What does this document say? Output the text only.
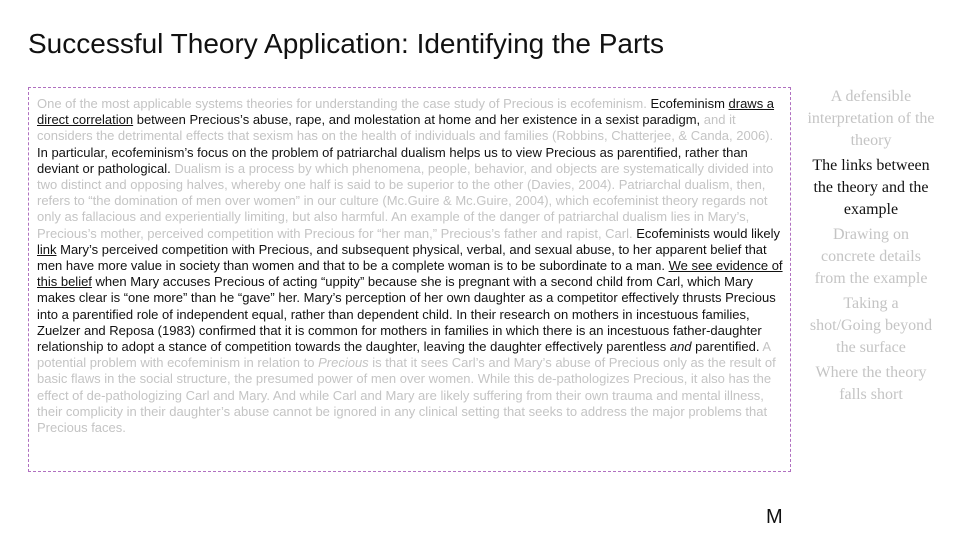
Successful Theory Application: Identifying the Parts

One of the most applicable systems theories for understanding the case study of Precious is ecofeminism. Ecofeminism draws a direct correlation between Precious’s abuse, rape, and molestation at home and her existence in a sexist paradigm, and it considers the detrimental effects that sexism has on the health of individuals and families (Robbins, Chatterjee, & Canda, 2006). In particular, ecofeminism’s focus on the problem of patriarchal dualism helps us to view Precious as parentified, rather than deviant or pathological. Dualism is a process by which phenomena, people, behavior, and objects are systematically divided into two distinct and opposing halves, whereby one half is said to be superior to the other (Davies, 2004). Patriarchal dualism, then, refers to “the domination of men over women” in our culture (Mc.Guire & Mc.Guire, 2004), which ecofeminist theory regards not only as fallacious and experientially limiting, but also harmful. An example of the danger of patriarchal dualism lies in Mary’s, Precious’s mother, perceived competition with Precious for “her man,” Precious’s father and rapist, Carl. Ecofeminists would likely link Mary’s perceived competition with Precious, and subsequent physical, verbal, and sexual abuse, to her apparent belief that men have more value in society than women and that to be a complete woman is to be subordinate to a man. We see evidence of this belief when Mary accuses Precious of acting “uppity” because she is pregnant with a second child from Carl, which Mary makes clear is “one more” than he “gave” her. Mary’s perception of her own daughter as a competitor effectively thrusts Precious into a parentified role of independent equal, rather than dependent child. In their research on mothers in incestuous families, Zuelzer and Reposa (1983) confirmed that it is common for mothers in families in which there is an incestuous father-daughter relationship to adopt a stance of competition towards the daughter, leaving the daughter effectively parentless and parentified. A potential problem with ecofeminism in relation to Precious is that it sees Carl’s and Mary’s abuse of Precious only as the result of basic flaws in the social structure, the presumed power of men over women. While this de-pathologizes Precious, it also has the effect of de-pathologizing Carl and Mary. And while Carl and Mary are likely suffering from their own trauma and mental illness, their complicity in their daughter’s abuse cannot be ignored in any clinical setting that seeks to address the major problems that Precious faces.

M
A defensible interpretation of the theory
The links between the theory and the example
Drawing on concrete details from the example
Taking a shot/Going beyond the surface
Where the theory falls short
